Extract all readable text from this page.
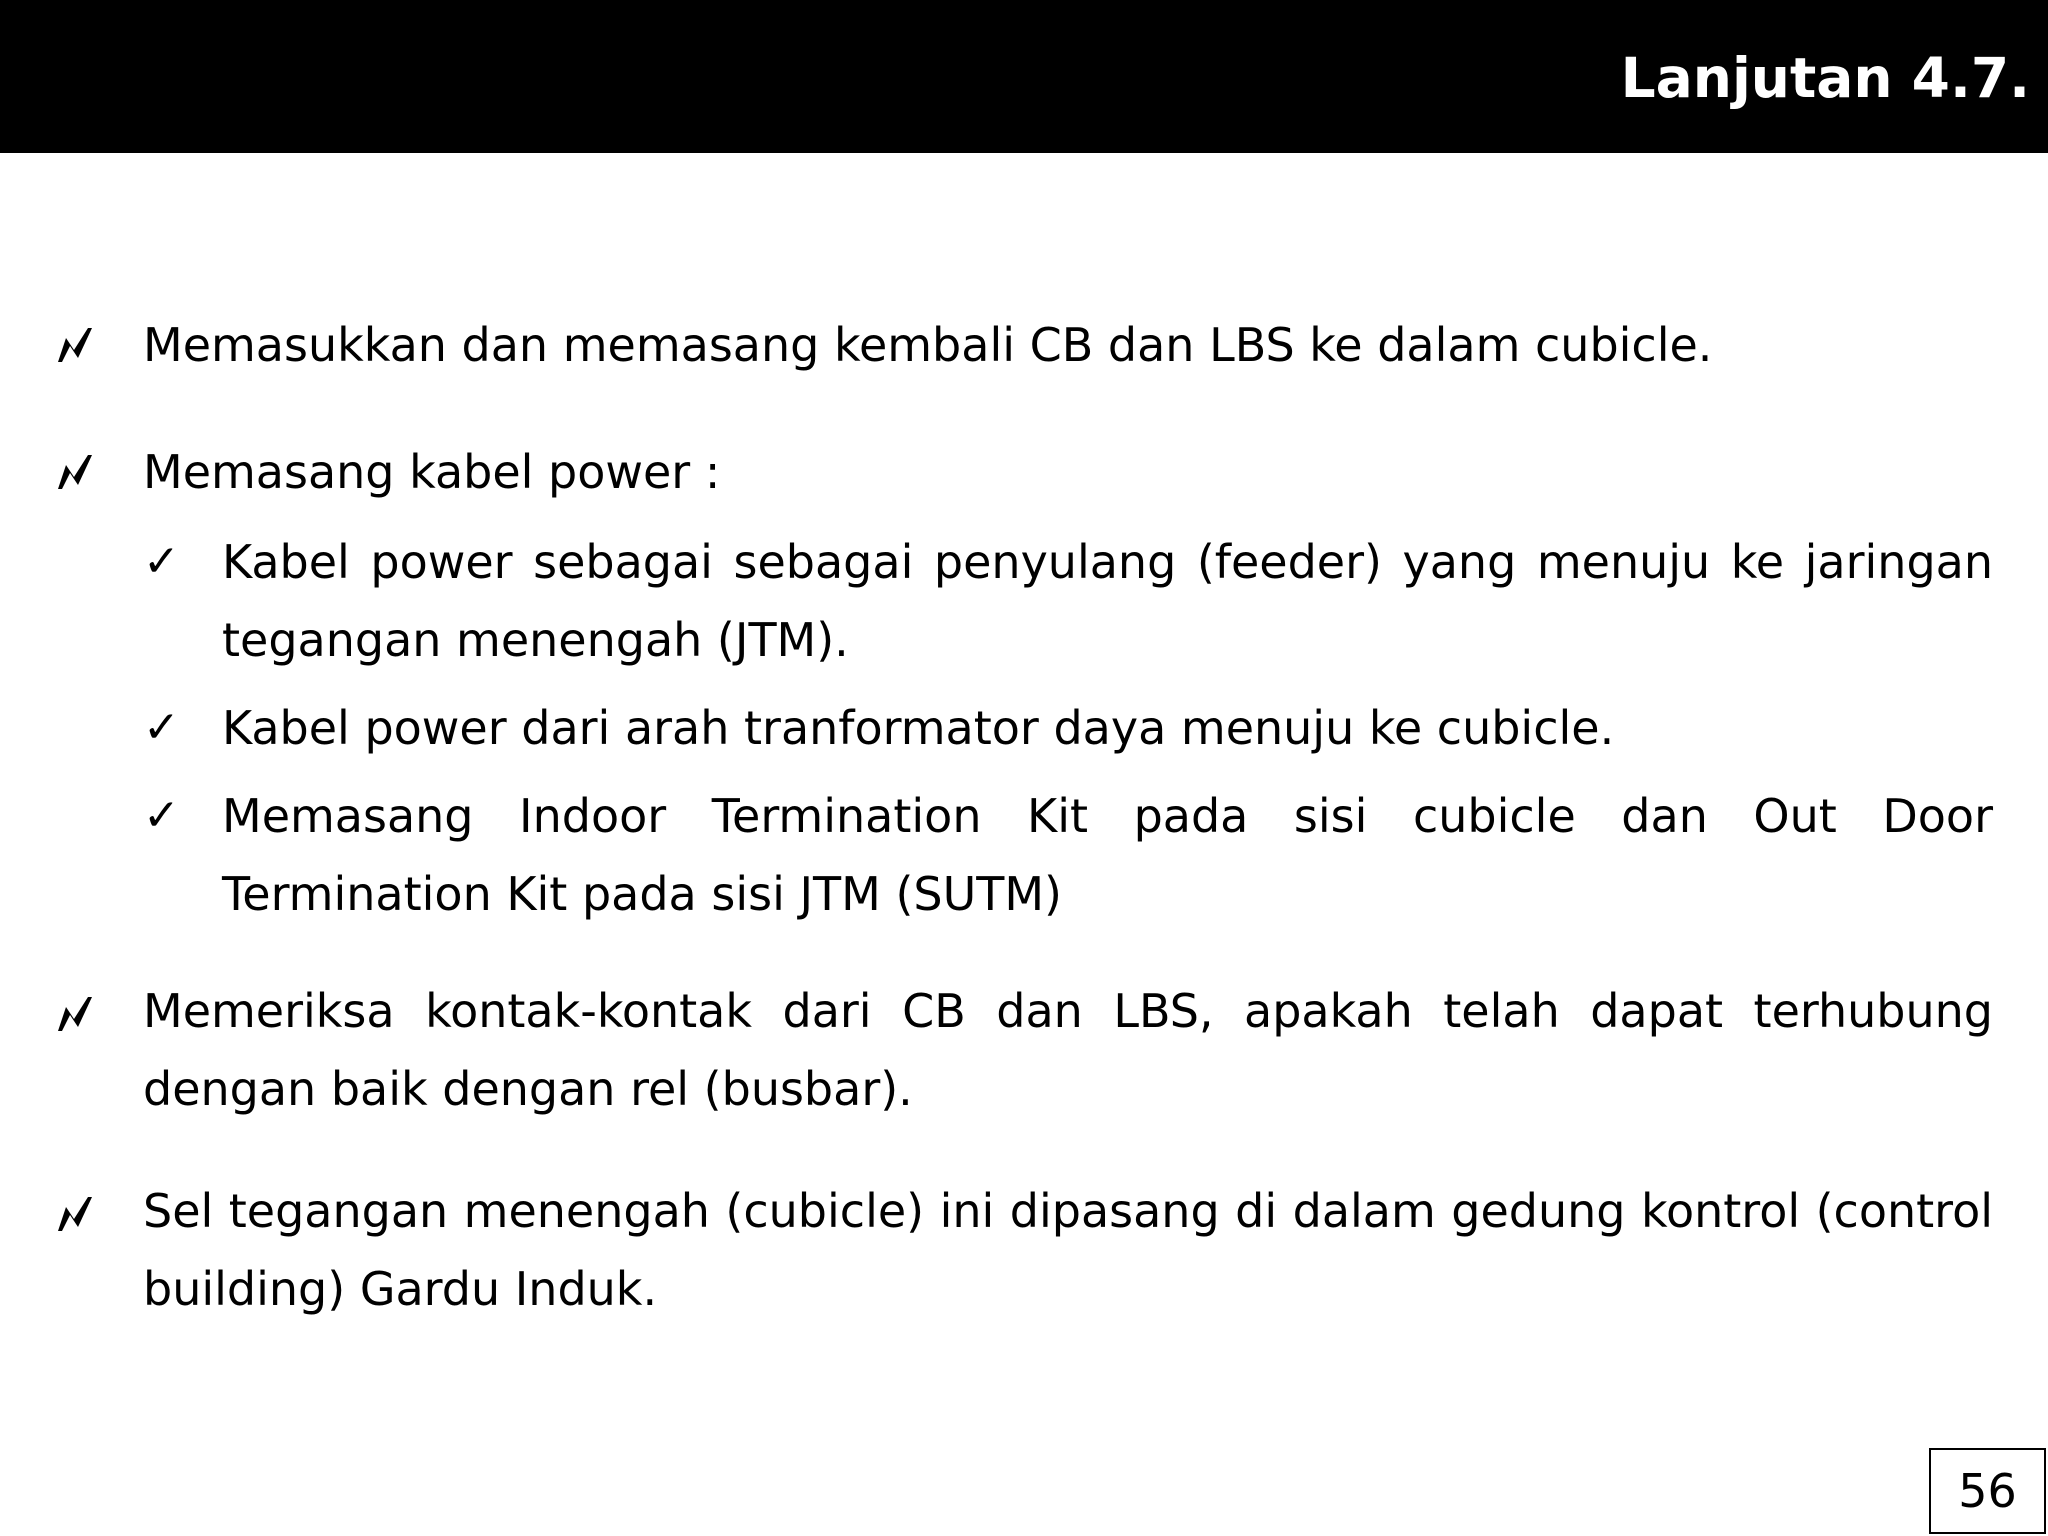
Lanjutan 4.7.
Memasukkan dan memasang kembali CB dan LBS ke dalam cubicle.
Memasang kabel power :
✓ Kabel power sebagai sebagai penyulang (feeder) yang menuju ke jaringan tegangan menengah (JTM).
✓ Kabel power dari arah tranformator daya menuju ke cubicle.
✓ Memasang Indoor Termination Kit pada sisi cubicle dan Out Door Termination Kit pada sisi JTM (SUTM)
Memeriksa kontak-kontak dari CB dan LBS, apakah telah dapat terhubung dengan baik dengan rel (busbar).
Sel tegangan menengah (cubicle) ini dipasang di dalam gedung kontrol (control building) Gardu Induk.
56
